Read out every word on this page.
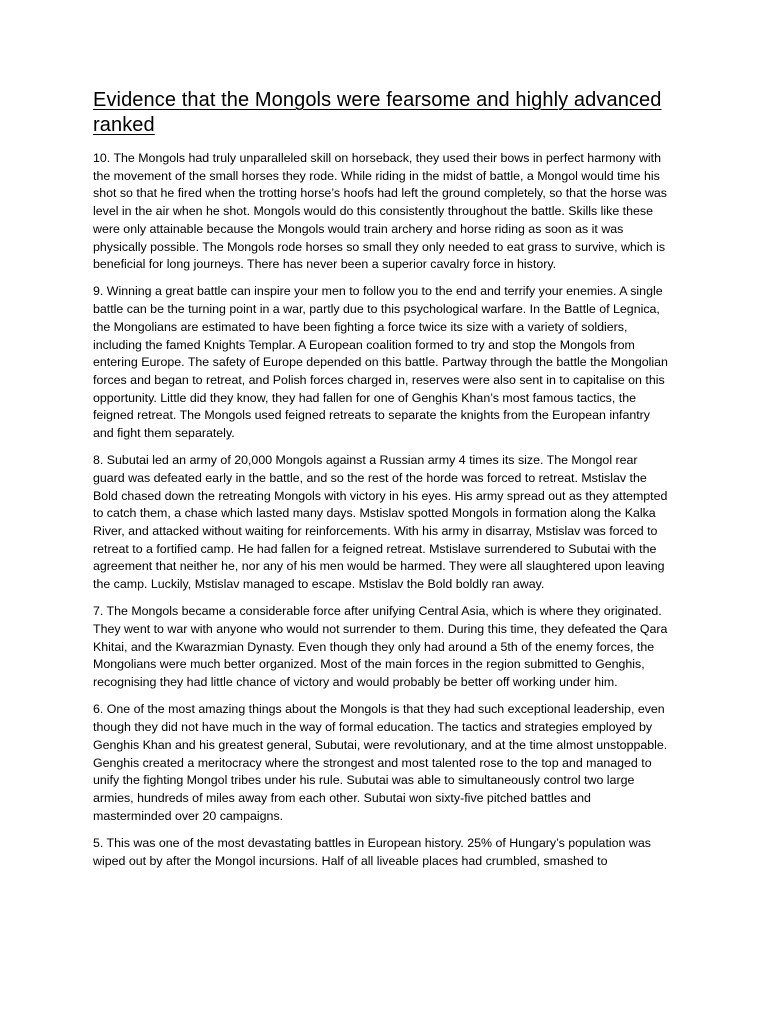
Evidence that the Mongols were fearsome and highly advanced ranked

10. The Mongols had truly unparalleled skill on horseback, they used their bows in perfect harmony with the movement of the small horses they rode. While riding in the midst of battle, a Mongol would time his shot so that he fired when the trotting horse’s hoofs had left the ground completely, so that the horse was level in the air when he shot. Mongols would do this consistently throughout the battle. Skills like these were only attainable because the Mongols would train archery and horse riding as soon as it was physically possible. The Mongols rode horses so small they only needed to eat grass to survive, which is beneficial for long journeys. There has never been a superior cavalry force in history.

9. Winning a great battle can inspire your men to follow you to the end and terrify your enemies. A single battle can be the turning point in a war, partly due to this psychological warfare. In the Battle of Legnica, the Mongolians are estimated to have been fighting a force twice its size with a variety of soldiers, including the famed Knights Templar. A European coalition formed to try and stop the Mongols from entering Europe. The safety of Europe depended on this battle. Partway through the battle the Mongolian forces and began to retreat, and Polish forces charged in, reserves were also sent in to capitalise on this opportunity. Little did they know, they had fallen for one of Genghis Khan’s most famous tactics, the feigned retreat. The Mongols used feigned retreats to separate the knights from the European infantry and fight them separately.

8. Subutai led an army of 20,000 Mongols against a Russian army 4 times its size. The Mongol rear guard was defeated early in the battle, and so the rest of the horde was forced to retreat. Mstislav the Bold chased down the retreating Mongols with victory in his eyes. His army spread out as they attempted to catch them, a chase which lasted many days. Mstislav spotted Mongols in formation along the Kalka River, and attacked without waiting for reinforcements. With his army in disarray, Mstislav was forced to retreat to a fortified camp. He had fallen for a feigned retreat. Mstislave surrendered to Subutai with the agreement that neither he, nor any of his men would be harmed. They were all slaughtered upon leaving the camp. Luckily, Mstislav managed to escape. Mstislav the Bold boldly ran away.

7. The Mongols became a considerable force after unifying Central Asia, which is where they originated. They went to war with anyone who would not surrender to them. During this time, they defeated the Qara Khitai, and the Kwarazmian Dynasty. Even though they only had around a 5th of the enemy forces, the Mongolians were much better organized. Most of the main forces in the region submitted to Genghis, recognising they had little chance of victory and would probably be better off working under him.

6. One of the most amazing things about the Mongols is that they had such exceptional leadership, even though they did not have much in the way of formal education. The tactics and strategies employed by Genghis Khan and his greatest general, Subutai, were revolutionary, and at the time almost unstoppable. Genghis created a meritocracy where the strongest and most talented rose to the top and managed to unify the fighting Mongol tribes under his rule. Subutai was able to simultaneously control two large armies, hundreds of miles away from each other. Subutai won sixty-five pitched battles and masterminded over 20 campaigns.

5. This was one of the most devastating battles in European history. 25% of Hungary’s population was wiped out by after the Mongol incursions. Half of all liveable places had crumbled, smashed to
